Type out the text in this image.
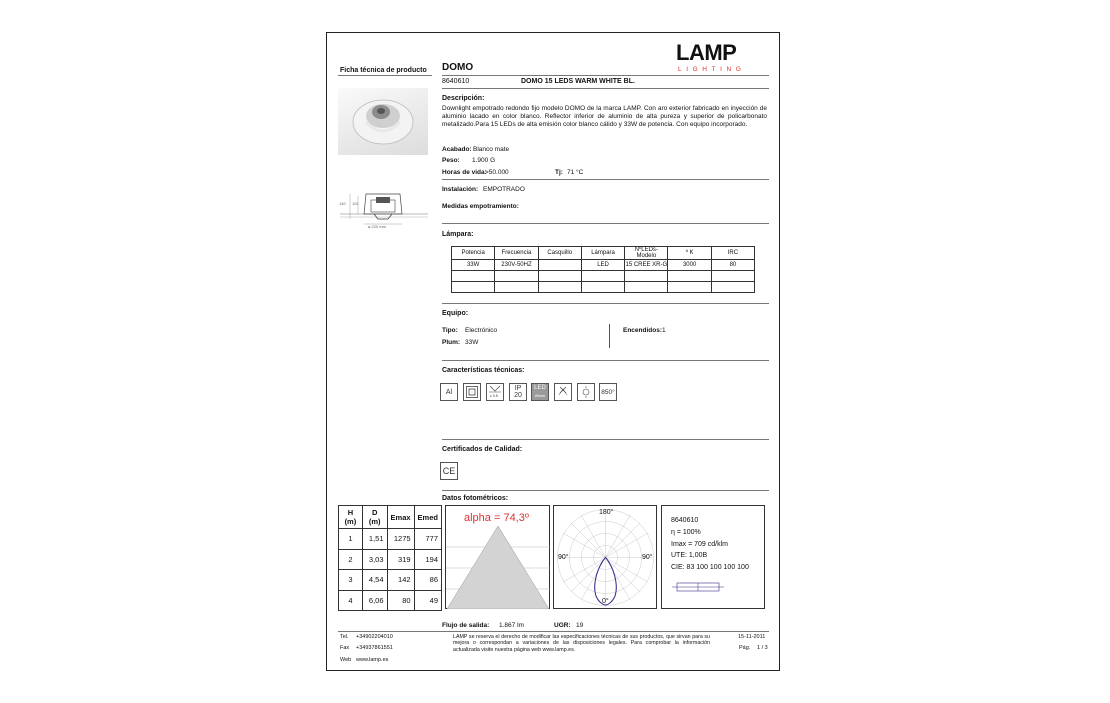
Ficha técnica de producto DOMO
LAMP
LIGHTING
8640610	DOMO 15 LEDS WARM WHITE BL.
Descripción:
Downlight empotrado redondo fijo modelo DOMO de la marca LAMP. Con aro exterior fabricado en inyección de aluminio lacado en color blanco. Reflector inferior de aluminio de alta pureza y superior de policarbonato metalizado.Para 15 LEDs de alta emisión color blanco cálido y 33W de potencia. Con equipo incorporado.
Acabado: Blanco mate
Peso: 1.900 G
Horas de vida:
>50.000	Tj: 71 °C
Instalación: EMPOTRADO
Medidas empotramiento:
140 110
⌀ 220 mm
Lámpara:
Potencia	Frecuencia	Casquillo	Lámpara	NºLEDs-Modelo	º K	IRC
33W	230V-50HZ		LED	15 CREE XR-G	3000	80

Equipo:
Tipo: Electrónico
Plum: 33W
Encendidos: 1
Características técnicas:
Al	≥ 0.5
IP
20
LED
Warm	850°
Certificados de Calidad:
CE
Datos fotométricos:
H (m)	D (m)	Emax	Emed
1	1,51	1275	777
2	3,03	319	194
3	4,54	142	86
4	6,06	80	49
alpha = 74,3º	180°
90°	90°
0°
8640610
η = 100%
Imax = 709 cd/klm
UTE: 1,00B
CIE: 83 100 100 100 100
Flujo de salida: 1.867 lm	UGR: 19
Tel. +34902204010
Fax +34937861551
Web www.lamp.es
LAMP se reserva el derecho de modificar las especificaciones técnicas de sus productos, que sirvan para su mejora o correspondan a variaciones de las disposiciones legales. Para comprobar la información actualizada visite nuestra página web www.lamp.es.
15-11-2011
Pág. 1 / 3
